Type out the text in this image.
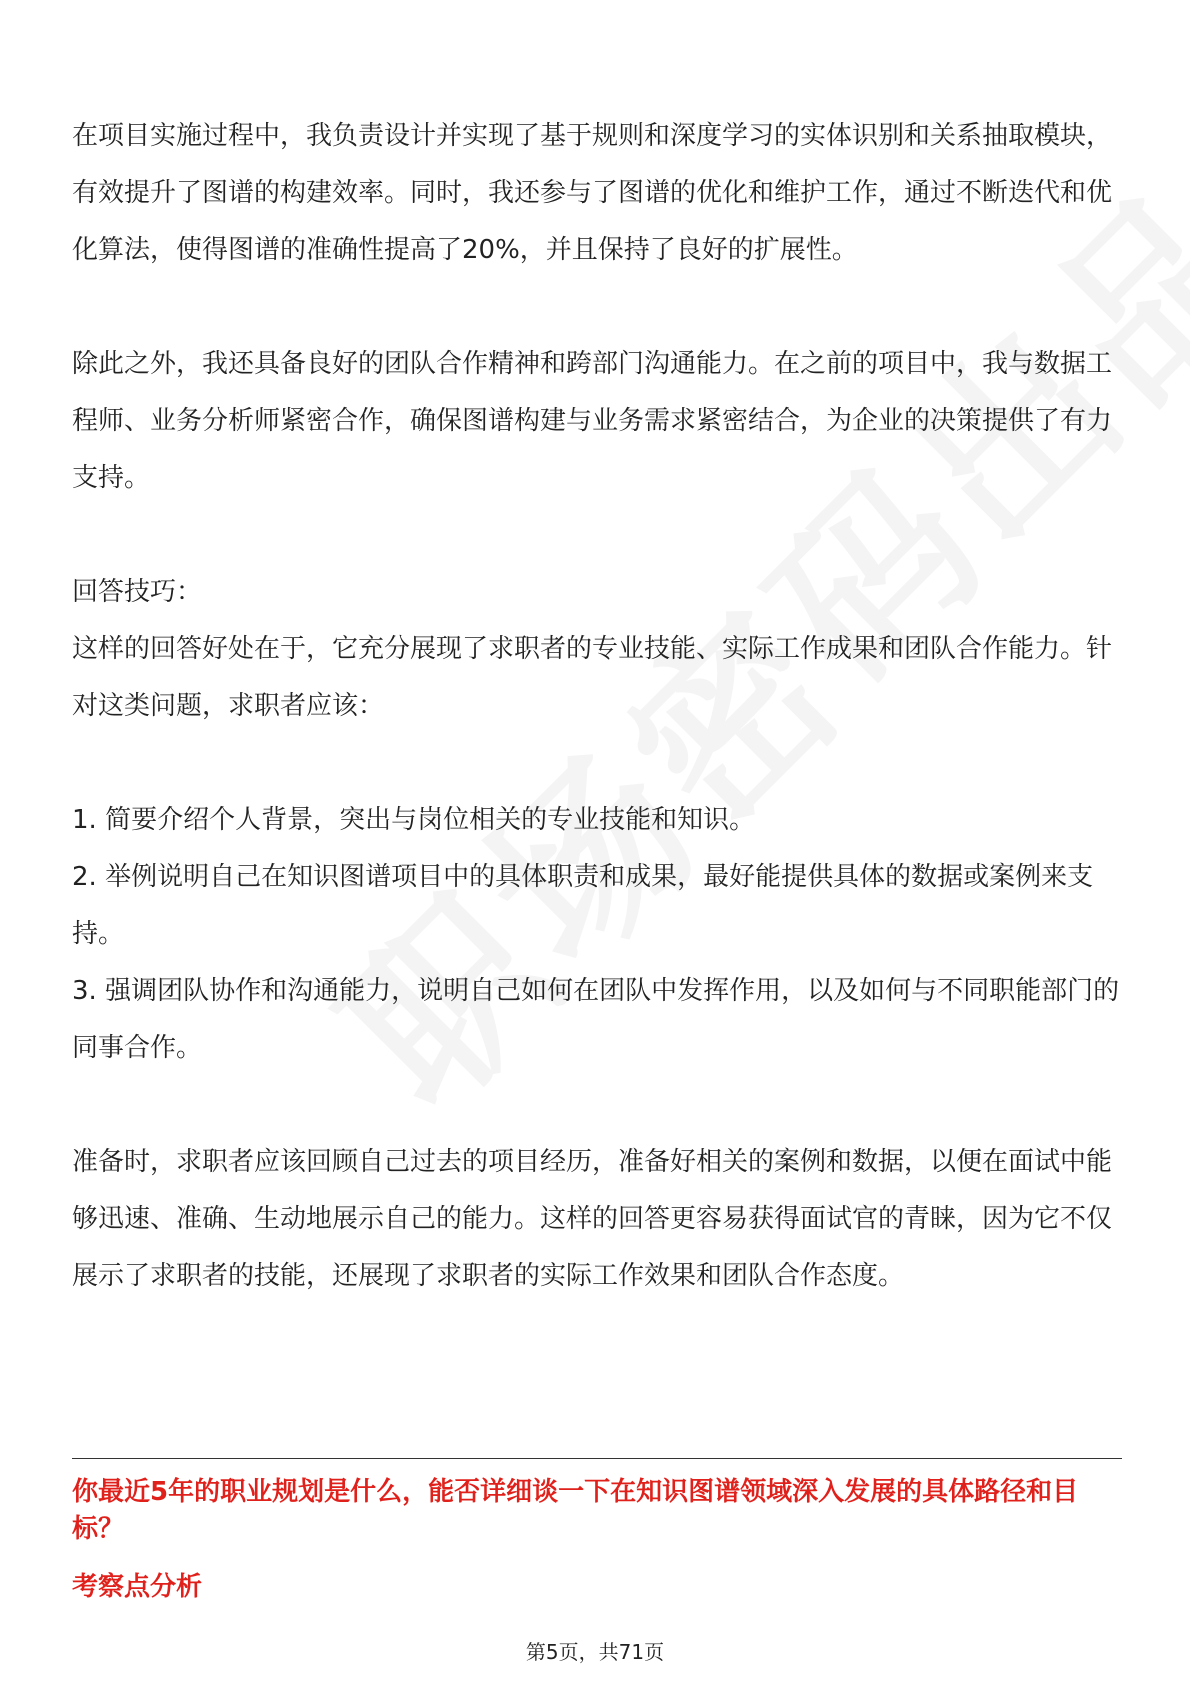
在项目实施过程中，我负责设计并实现了基于规则和深度学习的实体识别和关系抽取模块，有效提升了图谱的构建效率。同时，我还参与了图谱的优化和维护工作，通过不断迭代和优化算法，使得图谱的准确性提高了20%，并且保持了良好的扩展性。

除此之外，我还具备良好的团队合作精神和跨部门沟通能力。在之前的项目中，我与数据工程师、业务分析师紧密合作，确保图谱构建与业务需求紧密结合，为企业的决策提供了有力支持。

回答技巧：

这样的回答好处在于，它充分展现了求职者的专业技能、实际工作成果和团队合作能力。针对这类问题，求职者应该：

1. 简要介绍个人背景，突出与岗位相关的专业技能和知识。

2. 举例说明自己在知识图谱项目中的具体职责和成果，最好能提供具体的数据或案例来支持。

3. 强调团队协作和沟通能力，说明自己如何在团队中发挥作用，以及如何与不同职能部门的同事合作。

准备时，求职者应该回顾自己过去的项目经历，准备好相关的案例和数据，以便在面试中能够迅速、准确、生动地展示自己的能力。这样的回答更容易获得面试官的青睐，因为它不仅展示了求职者的技能，还展现了求职者的实际工作效果和团队合作态度。

你最近5年的职业规划是什么，能否详细谈一下在知识图谱领域深入发展的具体路径和目标？

考察点分析

第5页，共71页
